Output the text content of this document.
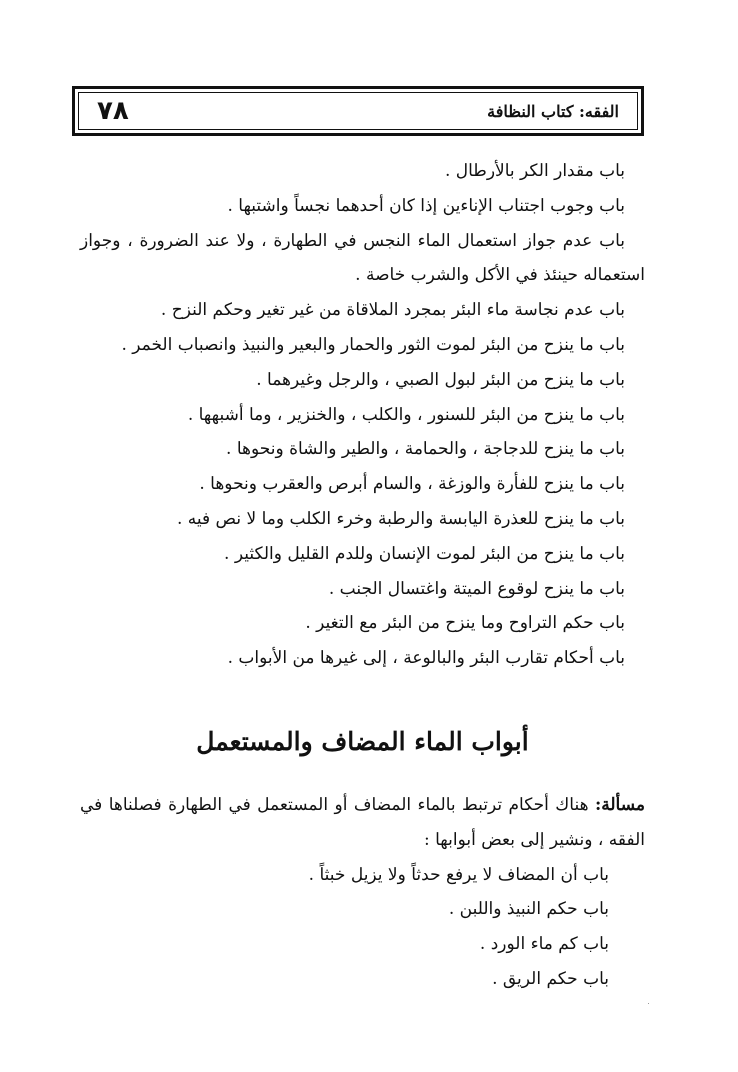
٧٨	الفقه: كتاب النظافة
باب مقدار الكر بالأرطال .
باب وجوب اجتناب الإناءين إذا كان أحدهما نجساً واشتبها .
باب عدم جواز استعمال الماء النجس في الطهارة ، ولا عند الضرورة ، وجواز
استعماله حينئذ في الأكل والشرب خاصة .
باب عدم نجاسة ماء البئر بمجرد الملاقاة من غير تغير وحكم النزح .
باب ما ينزح من البئر لموت الثور والحمار والبعير والنبيذ وانصباب الخمر .
باب ما ينزح من البئر لبول الصبي ، والرجل وغيرهما .
باب ما ينزح من البئر للسنور ، والكلب ، والخنزير ، وما أشبهها .
باب ما ينزح للدجاجة ، والحمامة ، والطير والشاة ونحوها .
باب ما ينزح للفأرة والوزغة ، والسام أبرص والعقرب ونحوها .
باب ما ينزح للعذرة اليابسة والرطبة وخرء الكلب وما لا نص فيه .
باب ما ينزح من البئر لموت الإنسان وللدم القليل والكثير .
باب ما ينزح لوقوع الميتة واغتسال الجنب .
باب حكم التراوح وما ينزح من البئر مع التغير .
باب أحكام تقارب البئر والبالوعة ، إلى غيرها من الأبواب .
أبواب الماء المضاف والمستعمل
مسألة: هناك أحكام ترتبط بالماء المضاف أو المستعمل في الطهارة فصلناها في
الفقه ، ونشير إلى بعض أبوابها :
باب أن المضاف لا يرفع حدثاً ولا يزيل خبثاً .
باب حكم النبيذ واللبن .
باب كم ماء الورد .
باب حكم الريق .
